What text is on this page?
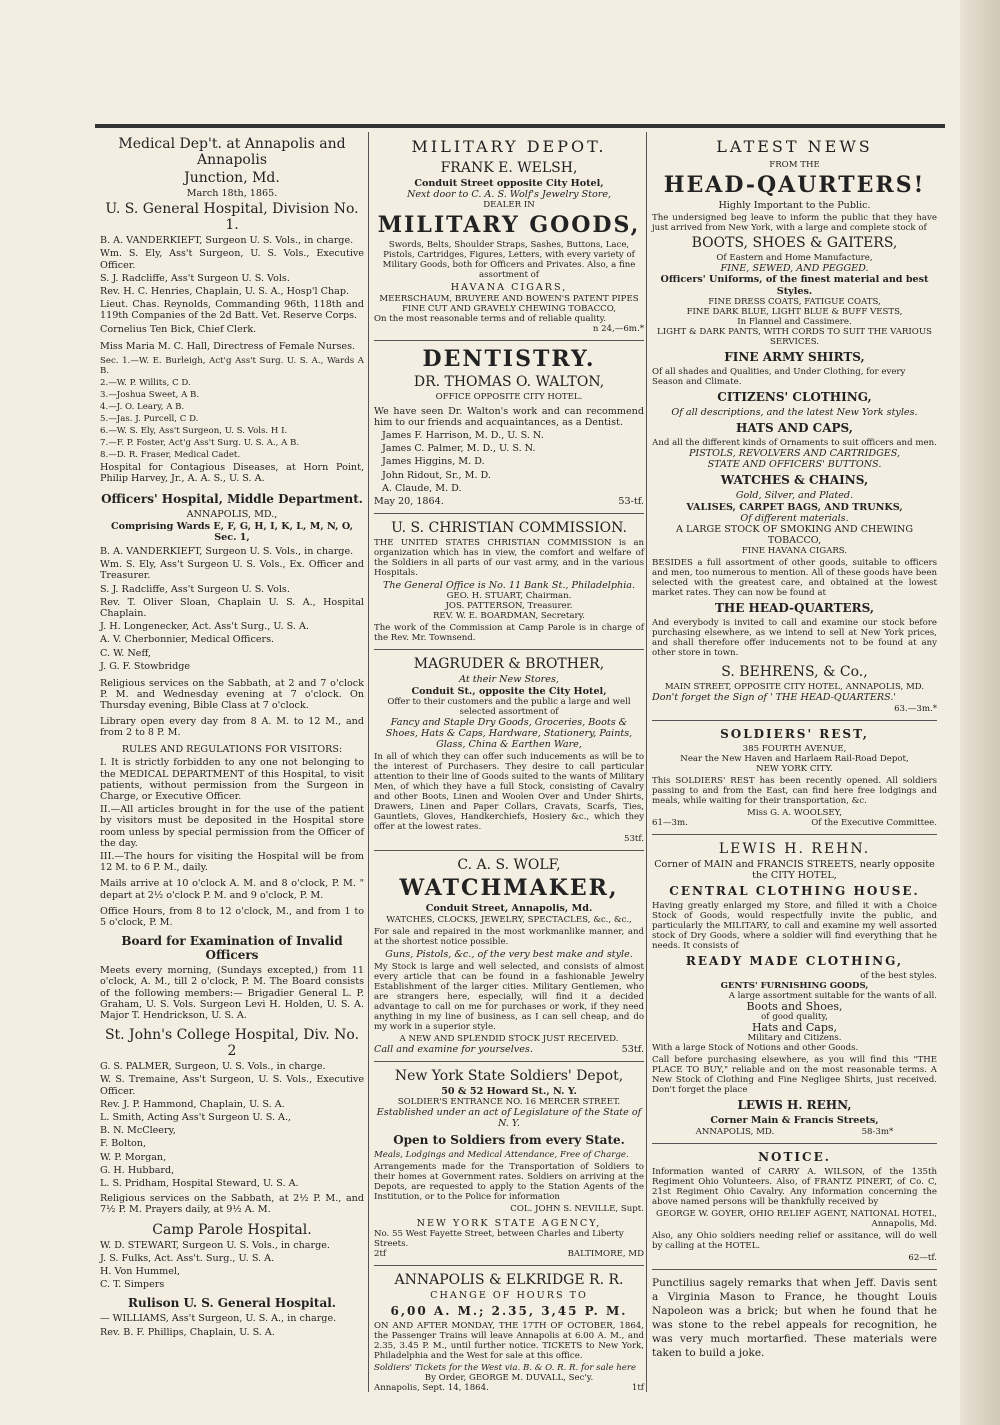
Medical Dep't. at Annapolis and Annapolis
Junction, Md.
March 18th, 1865.
U. S. General Hospital, Division No. 1.

B. A. VANDERKIEFT, Surgeon U. S. Vols., in charge.

Wm. S. Ely, Ass't Surgeon, U. S. Vols., Executive Officer.

S. J. Radcliffe, Ass't Surgeon U. S. Vols.

Rev. H. C. Henries, Chaplain, U. S. A., Hosp'l Chap.

Lieut. Chas. Reynolds, Commanding 96th, 118th and 119th Companies of the 2d Batt. Vet. Reserve Corps.

Cornelius Ten Bick, Chief Clerk.

Miss Maria M. C. Hall, Directress of Female Nurses.

Sec. 1.—W. E. Burleigh, Act'g Ass't Surg. U. S. A., Wards A B.

2.—W. P. Willits, C D.

3.—Joshua Sweet, A B.

4.—J. O. Leary, A B.

5.—Jas. J. Purcell, C D.

6.—W. S. Ely, Ass't Surgeon, U. S. Vols. H I.

7.—F. P. Foster, Act'g Ass't Surg. U. S. A., A B.

8.—D. R. Fraser, Medical Cadet.

Hospital for Contagious Diseases, at Horn Point, Philip Harvey, Jr., A. A. S., U. S. A.

Officers' Hospital, Middle Department.
ANNAPOLIS, MD.,
Comprising Wards E, F, G, H, I, K, L, M, N, O, Sec. 1,

B. A. VANDERKIEFT, Surgeon U. S. Vols., in charge.

Wm. S. Ely, Ass't Surgeon U. S. Vols., Ex. Officer and Treasurer.

S. J. Radcliffe, Ass't Surgeon U. S. Vols.

Rev. T. Oliver Sloan, Chaplain U. S. A., Hospital Chaplain.

J. H. Longenecker, Act. Ass't Surg., U. S. A.

A. V. Cherbonnier, Medical Officers.

C. W. Neff,

J. G. F. Stowbridge

Religious services on the Sabbath, at 2 and 7 o'clock P. M. and Wednesday evening at 7 o'clock. On Thursday evening, Bible Class at 7 o'clock.

Library open every day from 8 A. M. to 12 M., and from 2 to 8 P. M.

RULES AND REGULATIONS FOR VISITORS:

I. It is strictly forbidden to any one not belonging to the MEDICAL DEPARTMENT of this Hospital, to visit patients, without permission from the Surgeon in Charge, or Executive Officer.

II.—All articles brought in for the use of the patient by visitors must be deposited in the Hospital store room unless by special permission from the Officer of the day.

III.—The hours for visiting the Hospital will be from 12 M. to 6 P. M., daily.

Mails arrive at 10 o'clock A. M. and 8 o'clock, P. M. " depart at 2½ o'clock P. M. and 9 o'clock, P. M.

Office Hours, from 8 to 12 o'clock, M., and from 1 to 5 o'clock, P. M.

Board for Examination of Invalid Officers

Meets every morning, (Sundays excepted,) from 11 o'clock, A. M., till 2 o'clock, P. M. The Board consists of the following members:— Brigadier General L. P. Graham, U. S. Vols. Surgeon Levi H. Holden, U. S. A. Major T. Hendrickson, U. S. A.

St. John's College Hospital, Div. No. 2

G. S. PALMER, Surgeon, U. S. Vols., in charge.

W. S. Tremaine, Ass't Surgeon, U. S. Vols., Executive Officer.

Rev. J. P. Hammond, Chaplain, U. S. A.

L. Smith, Acting Ass't Surgeon U. S. A.,

B. N. McCleery,

F. Bolton,

W. P. Morgan,

G. H. Hubbard,

L. S. Pridham, Hospital Steward, U. S. A.

Religious services on the Sabbath, at 2½ P. M., and 7½ P. M. Prayers daily, at 9½ A. M.

Camp Parole Hospital.

W. D. STEWART, Surgeon U. S. Vols., in charge.

J. S. Fulks, Act. Ass't. Surg., U. S. A.

H. Von Hummel,

C. T. Simpers

Rulison U. S. General Hospital.

— WILLIAMS, Ass't Surgeon, U. S. A., in charge.

Rev. B. F. Phillips, Chaplain, U. S. A.

MILITARY DEPOT.
FRANK E. WELSH,
Conduit Street opposite City Hotel,
Next door to C. A. S. Wolf's Jewelry Store,
DEALER IN
MILITARY GOODS,

Swords, Belts, Shoulder Straps, Sashes, Buttons, Lace, Pistols, Cartridges, Figures, Letters, with every variety of Military Goods, both for Officers and Privates. Also, a fine assortment of

HAVANA CIGARS,
MEERSCHAUM, BRUYERE AND BOWEN'S PATENT PIPES
FINE CUT AND GRAVELY CHEWING TOBACCO,
On the most reasonable terms and of reliable quality.
n 24,—6m.*
DENTISTRY.
DR. THOMAS O. WALTON,
OFFICE OPPOSITE CITY HOTEL.

We have seen Dr. Walton's work and can recommend him to our friends and acquaintances, as a Dentist.

James F. Harrison, M. D., U. S. N.

James C. Palmer, M. D., U. S. N.

James Higgins, M. D.

John Ridout, Sr., M. D.

A. Claude, M. D.

May 20, 1864.	53-tf.
U. S. CHRISTIAN COMMISSION.

THE UNITED STATES CHRISTIAN COMMISSION is an organization which has in view, the comfort and welfare of the Soldiers in all parts of our vast army, and in the various Hospitals.

The General Office is No. 11 Bank St., Philadelphia.
GEO. H. STUART, Chairman.
JOS. PATTERSON, Treasurer.
REV. W. E. BOARDMAN, Secretary.

The work of the Commission at Camp Parole is in charge of the Rev. Mr. Townsend.

MAGRUDER & BROTHER,
At their New Stores,
Conduit St., opposite the City Hotel,
Offer to their customers and the public a large and well selected assortment of
Fancy and Staple Dry Goods, Groceries, Boots & Shoes, Hats & Caps, Hardware, Stationery, Paints, Glass, China & Earthen Ware,

In all of which they can offer such inducements as will be to the interest of Purchasers. They desire to call particular attention to their line of Goods suited to the wants of Military Men, of which they have a full Stock, consisting of Cavalry and other Boots, Linen and Woolen Over and Under Shirts, Drawers, Linen and Paper Collars, Cravats, Scarfs, Ties, Gauntlets, Gloves, Handkerchiefs, Hosiery &c., which they offer at the lowest rates.

53tf.
C. A. S. WOLF,
WATCHMAKER,
Conduit Street, Annapolis, Md.
WATCHES, CLOCKS, JEWELRY, SPECTACLES, &c., &c.,

For sale and repaired in the most workmanlike manner, and at the shortest notice possible.

Guns, Pistols, &c., of the very best make and style.

My Stock is large and well selected, and consists of almost every article that can be found in a fashionable Jewelry Establishment of the larger cities. Military Gentlemen, who are strangers here, especially, will find it a decided advantage to call on me for purchases or work, if they need anything in my line of business, as I can sell cheap, and do my work in a superior style.

A NEW AND SPLENDID STOCK JUST RECEIVED.
Call and examine for yourselves.	53tf.
New York State Soldiers' Depot,
50 & 52 Howard St., N. Y.
SOLDIER'S ENTRANCE NO. 16 MERCER STREET.
Established under an act of Legislature of the State of N. Y.
Open to Soldiers from every State.
Meals, Lodgings and Medical Attendance, Free of Charge.

Arrangements made for the Transportation of Soldiers to their homes at Government rates. Soldiers on arriving at the Depots, are requested to apply to the Station Agents of the Institution, or to the Police for information

COL. JOHN S. NEVILLE, Supt.
NEW YORK STATE AGENCY,
No. 55 West Fayette Street, between Charles and Liberty Streets.
2tf	BALTIMORE, MD
ANNAPOLIS & ELKRIDGE R. R.
CHANGE OF HOURS TO
6,00 A. M.; 2.35, 3,45 P. M.

ON AND AFTER MONDAY, THE 17TH OF OCTOBER, 1864, the Passenger Trains will leave Annapolis at 6.00 A. M., and 2.35, 3.45 P. M., until further notice. TICKETS to New York, Philadelphia and the West for sale at this office.

Soldiers' Tickets for the West via. B. & O. R. R. for sale here
By Order, GEORGE M. DUVALL, Sec'y.
Annapolis, Sept. 14, 1864.	1tf
LATEST NEWS
FROM THE
HEAD-QAURTERS!
Highly Important to the Public.

The undersigned beg leave to inform the public that they have just arrived from New York, with a large and complete stock of

BOOTS, SHOES & GAITERS,
Of Eastern and Home Manufacture,
FINE, SEWED, AND PEGGED.
Officers' Uniforms, of the finest material and best Styles.
FINE DRESS COATS, FATIGUE COATS,
FINE DARK BLUE, LIGHT BLUE & BUFF VESTS,
In Flannel and Cassimere.
LIGHT & DARK PANTS, WITH CORDS TO SUIT THE VARIOUS SERVICES.
FINE ARMY SHIRTS,
Of all shades and Qualities, and Under Clothing, for every Season and Climate.
CITIZENS' CLOTHING,
Of all descriptions, and the latest New York styles.
HATS AND CAPS,
And all the different kinds of Ornaments to suit officers and men.
PISTOLS, REVOLVERS AND CARTRIDGES,
STATE AND OFFICERS' BUTTONS.
WATCHES & CHAINS,
Gold, Silver, and Plated.
VALISES, CARPET BAGS, AND TRUNKS,
Of different materials.
A LARGE STOCK OF SMOKING AND CHEWING TOBACCO,
FINE HAVANA CIGARS.

BESIDES a full assortment of other goods, suitable to officers and men, too numerous to mention. All of these goods have been selected with the greatest care, and obtained at the lowest market rates. They can now be found at

THE HEAD-QUARTERS,

And everybody is invited to call and examine our stock before purchasing elsewhere, as we intend to sell at New York prices, and shall therefore offer inducements not to be found at any other store in town.

S. BEHRENS, & Co.,
MAIN STREET, OPPOSITE CITY HOTEL, ANNAPOLIS, MD.
Don't forget the Sign of ' THE HEAD-QUARTERS.'
63.—3m.*
SOLDIERS' REST,
385 FOURTH AVENUE,
Near the New Haven and Harlaem Rail-Road Depot,
NEW YORK CITY.

This SOLDIERS' REST has been recently opened. All soldiers passing to and from the East, can find here free lodgings and meals, while waiting for their transportation, &c.

Miss G. A. WOOLSEY,
61—3m.	Of the Executive Committee.
LEWIS H. REHN.
Corner of MAIN and FRANCIS STREETS, nearly opposite the CITY HOTEL,
CENTRAL CLOTHING HOUSE.

Having greatly enlarged my Store, and filled it with a Choice Stock of Goods, would respectfully invite the public, and particularly the MILITARY, to call and examine my well assorted stock of Dry Goods, where a soldier will find everything that he needs. It consists of

READY MADE CLOTHING,
of the best styles.
GENTS' FURNISHING GOODS,
A large assortment suitable for the wants of all.
Boots and Shoes,
of good quality,
Hats and Caps,
Military and Citizens.
With a large Stock of Notions and other Goods.

Call before purchasing elsewhere, as you will find this "THE PLACE TO BUY," reliable and on the most reasonable terms. A New Stock of Clothing and Fine Negligee Shirts, just received. Don't forget the place

LEWIS H. REHN,
Corner Main & Francis Streets,
ANNAPOLIS, MD.	58-3m*
NOTICE.

Information wanted of CARRY A. WILSON, of the 135th Regiment Ohio Volunteers. Also, of FRANTZ PINERT, of Co. C, 21st Regiment Ohio Cavalry. Any information concerning the above named persons will be thankfully received by

GEORGE W. GOYER, OHIO RELIEF AGENT, NATIONAL HOTEL, Annapolis, Md.

Also, any Ohio soldiers needing relief or assitance, will do well by calling at the HOTEL.

62—tf.

Punctilius sagely remarks that when Jeff. Davis sent a Virginia Mason to France, he thought Louis Napoleon was a brick; but when he found that he was stone to the rebel appeals for recognition, he was very much mortarfied. These materials were taken to build a joke.
